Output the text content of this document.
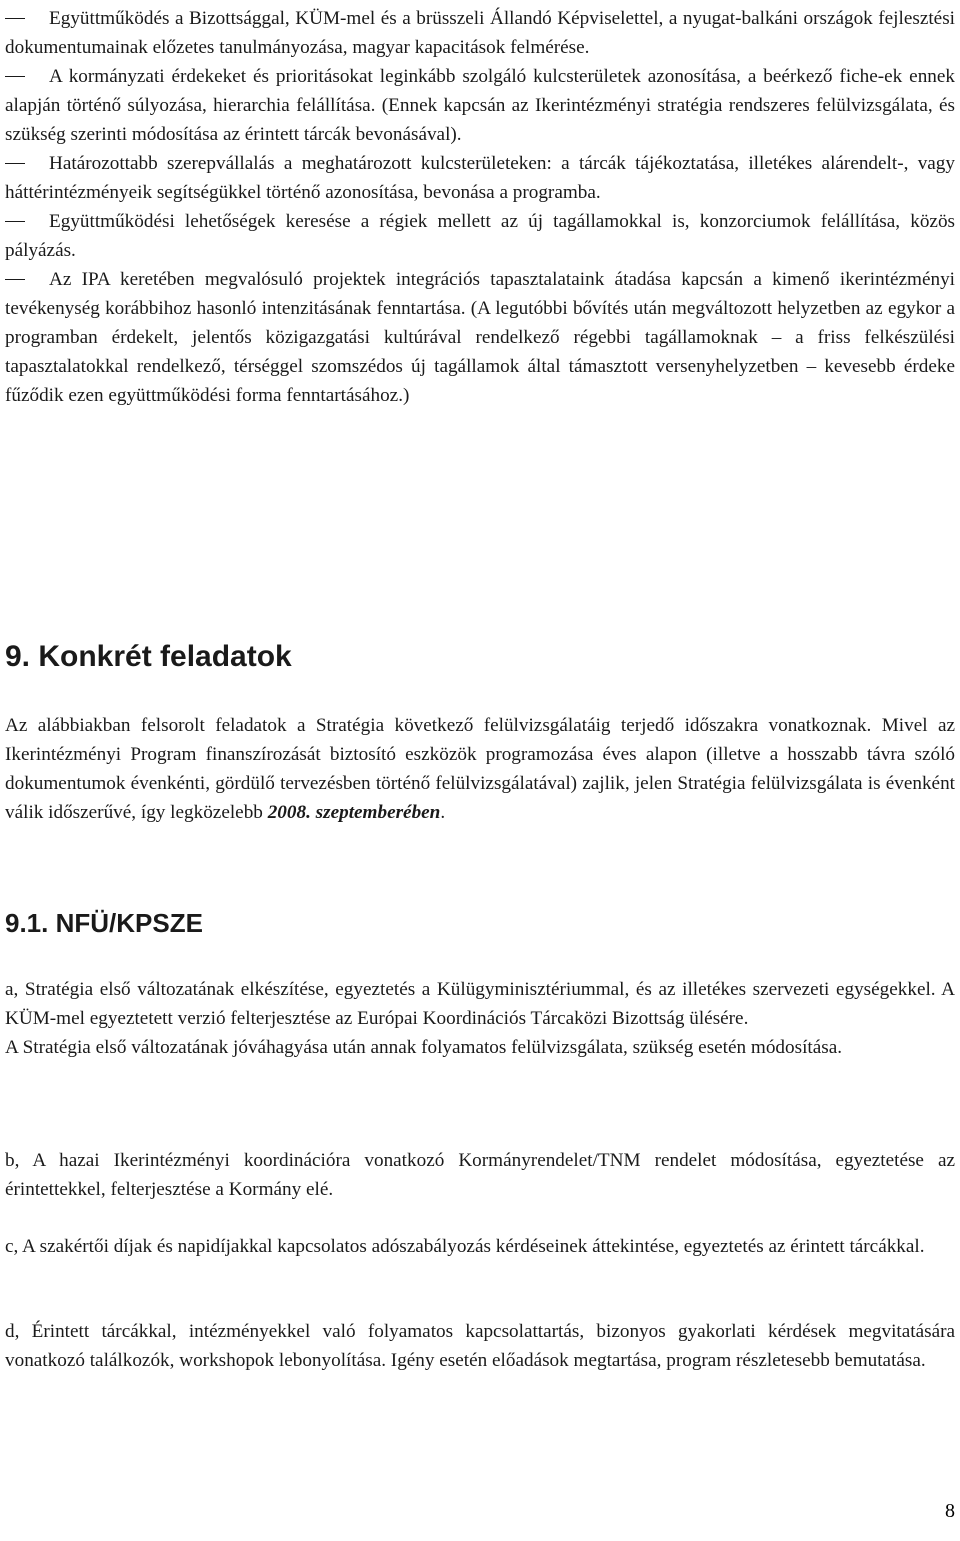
Együttműködés a Bizottsággal, KÜM-mel és a brüsszeli Állandó Képviselettel, a nyugat-balkáni országok fejlesztési dokumentumainak előzetes tanulmányozása, magyar kapacitások felmérése.

A kormányzati érdekeket és prioritásokat leginkább szolgáló kulcsterületek azonosítása, a beérkező fiche-ek ennek alapján történő súlyozása, hierarchia felállítása. (Ennek kapcsán az Ikerintézményi stratégia rendszeres felülvizsgálata, és szükség szerinti módosítása az érintett tárcák bevonásával).

Határozottabb szerepvállalás a meghatározott kulcsterületeken: a tárcák tájékoztatása, illetékes alárendelt-, vagy háttérintézményeik segítségükkel történő azonosítása, bevonása a programba.

Együttműködési lehetőségek keresése a régiek mellett az új tagállamokkal is, konzorciumok felállítása, közös pályázás.

Az IPA keretében megvalósuló projektek integrációs tapasztalataink átadása kapcsán a kimenő ikerintézményi tevékenység korábbihoz hasonló intenzitásának fenntartása. (A legutóbbi bővítés után megváltozott helyzetben az egykor a programban érdekelt, jelentős közigazgatási kultúrával rendelkező régebbi tagállamoknak – a friss felkészülési tapasztalatokkal rendelkező, térséggel szomszédos új tagállamok által támasztott versenyhelyzetben – kevesebb érdeke fűződik ezen együttműködési forma fenntartásához.)

9. Konkrét feladatok

Az alábbiakban felsorolt feladatok a Stratégia következő felülvizsgálatáig terjedő időszakra vonatkoznak. Mivel az Ikerintézményi Program finanszírozását biztosító eszközök programozása éves alapon (illetve a hosszabb távra szóló dokumentumok évenkénti, gördülő tervezésben történő felülvizsgálatával) zajlik, jelen Stratégia felülvizsgálata is évenként válik időszerűvé, így legközelebb 2008. szeptemberében.

9.1. NFÜ/KPSZE

a, Stratégia első változatának elkészítése, egyeztetés a Külügyminisztériummal, és az illetékes szervezeti egységekkel. A KÜM-mel egyeztetett verzió felterjesztése az Európai Koordinációs Tárcaközi Bizottság ülésére.

A Stratégia első változatának jóváhagyása után annak folyamatos felülvizsgálata, szükség esetén módosítása.

b, A hazai Ikerintézményi koordinációra vonatkozó Kormányrendelet/TNM rendelet módosítása, egyeztetése az érintettekkel, felterjesztése a Kormány elé.

c, A szakértői díjak és napidíjakkal kapcsolatos adószabályozás kérdéseinek áttekintése, egyeztetés az érintett tárcákkal.

d, Érintett tárcákkal, intézményekkel való folyamatos kapcsolattartás, bizonyos gyakorlati kérdések megvitatására vonatkozó találkozók, workshopok lebonyolítása. Igény esetén előadások megtartása, program részletesebb bemutatása.

8
